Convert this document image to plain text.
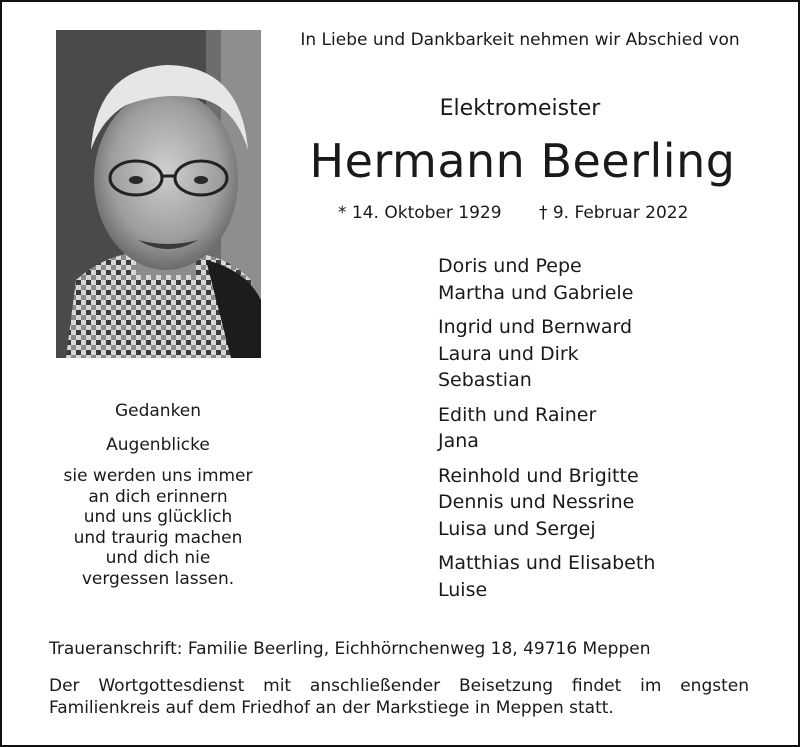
In Liebe und Dankbarkeit nehmen wir Abschied von
Elektromeister
Hermann Beerling
* 14. Oktober 1929 † 9. Februar 2022
Doris und Pepe
Martha und Gabriele
Ingrid und Bernward
Laura und Dirk
Sebastian
Edith und Rainer
Jana
Reinhold und Brigitte
Dennis und Nessrine
Luisa und Sergej
Matthias und Elisabeth
Luise
Gedanken
Augenblicke
sie werden uns immer
an dich erinnern
und uns glücklich
und traurig machen
und dich nie
vergessen lassen.
Traueranschrift: Familie Beerling, Eichhörnchenweg 18, 49716 Meppen
Der Wortgottesdienst mit anschließender Beisetzung findet im engsten Familienkreis auf dem Friedhof an der Markstiege in Meppen statt.
